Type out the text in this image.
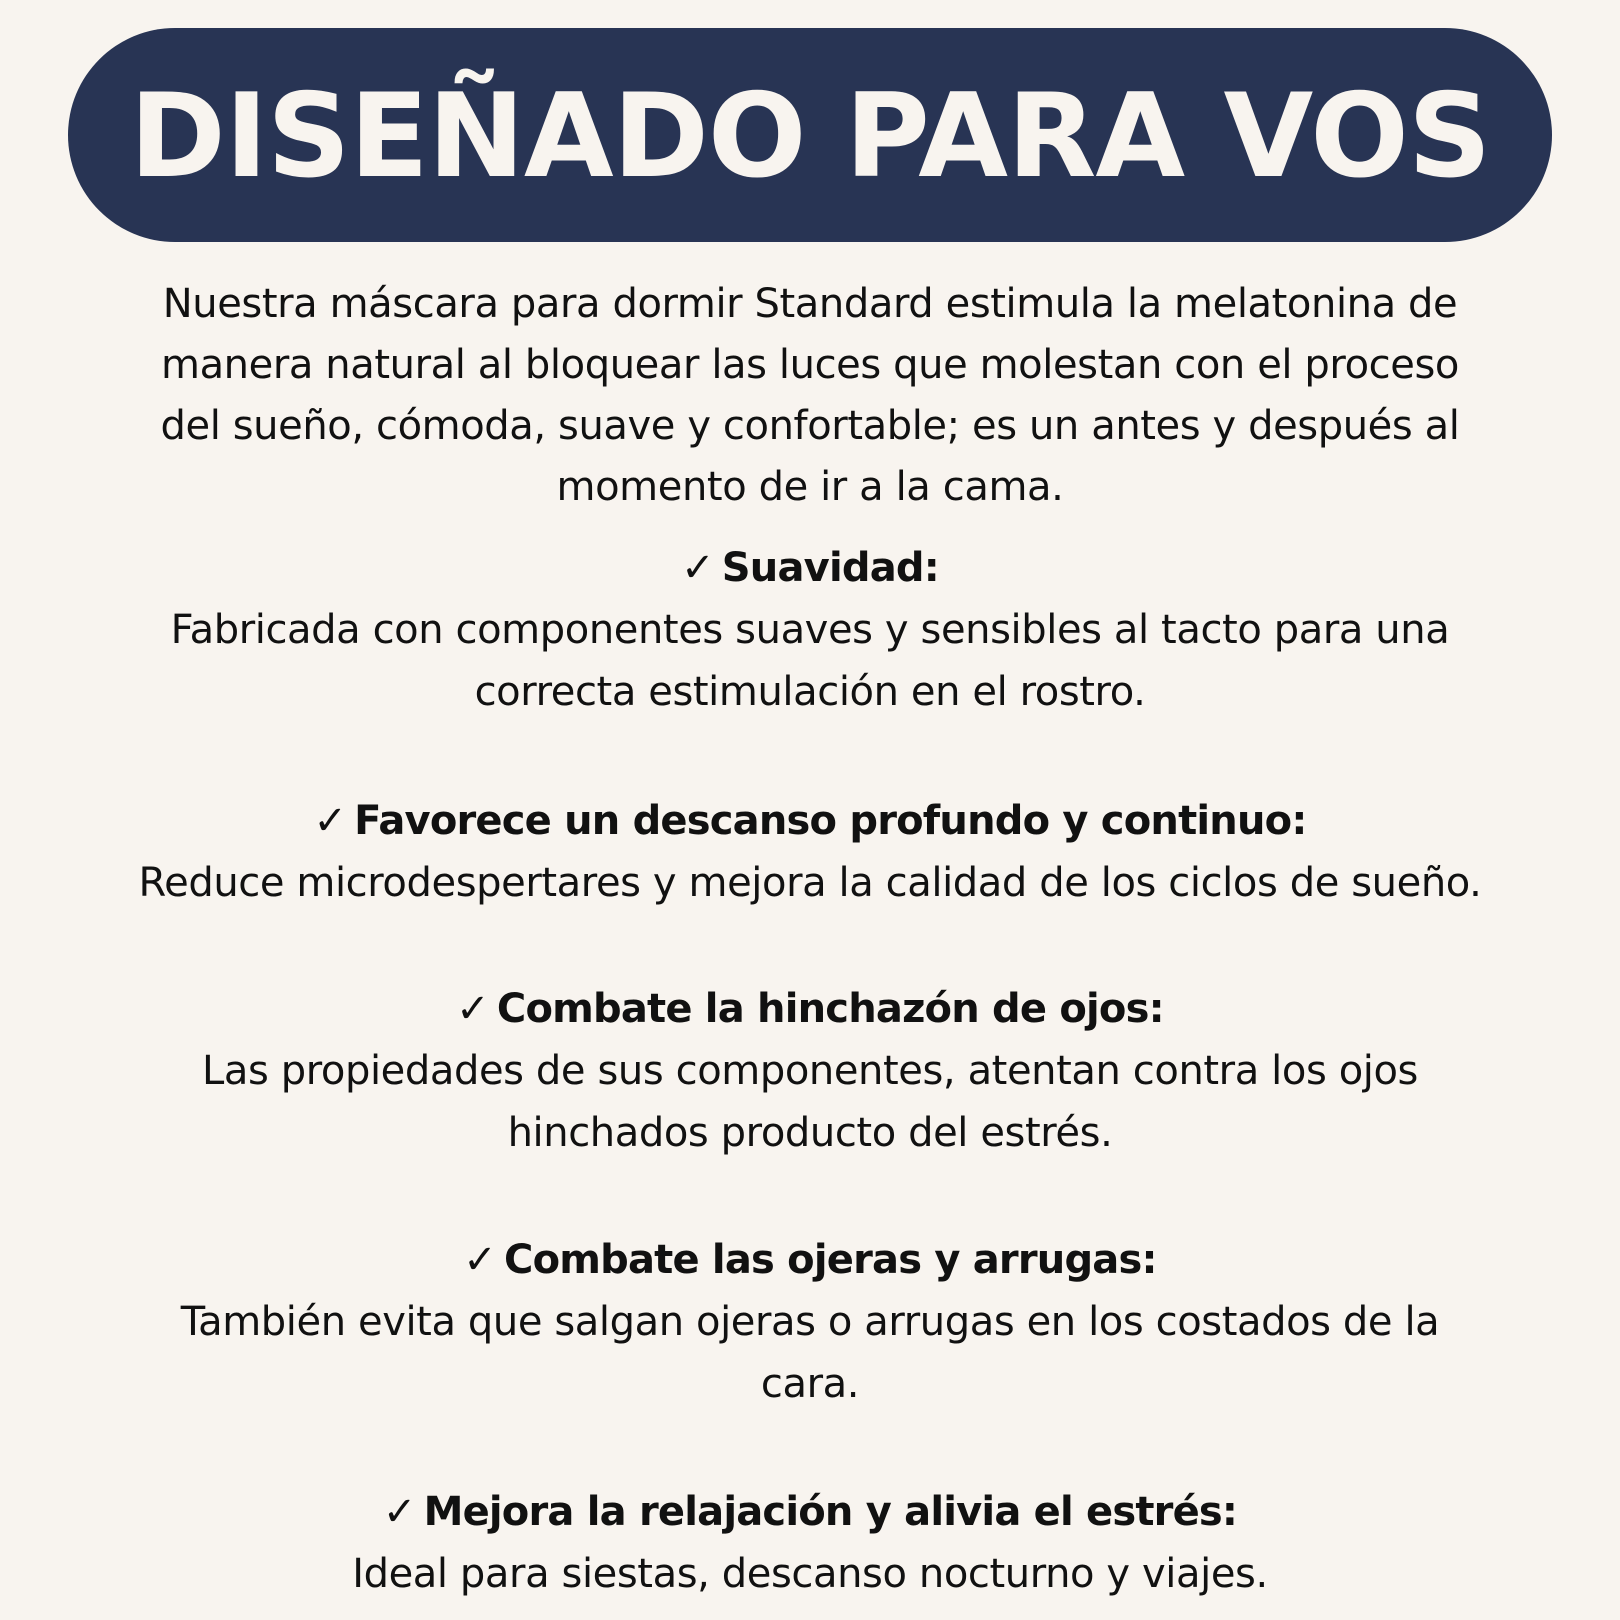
DISEÑADO PARA VOS

Nuestra máscara para dormir Standard estimula la melatonina de

manera natural al bloquear las luces que molestan con el proceso

del sueño, cómoda, suave y confortable; es un antes y después al

momento de ir a la cama.

✓ Suavidad:

Fabricada con componentes suaves y sensibles al tacto para una

correcta estimulación en el rostro.

✓ Favorece un descanso profundo y continuo:

Reduce microdespertares y mejora la calidad de los ciclos de sueño.

✓ Combate la hinchazón de ojos:

Las propiedades de sus componentes, atentan contra los ojos

hinchados producto del estrés.

✓ Combate las ojeras y arrugas:

También evita que salgan ojeras o arrugas en los costados de la

cara.

✓ Mejora la relajación y alivia el estrés:

Ideal para siestas, descanso nocturno y viajes.
